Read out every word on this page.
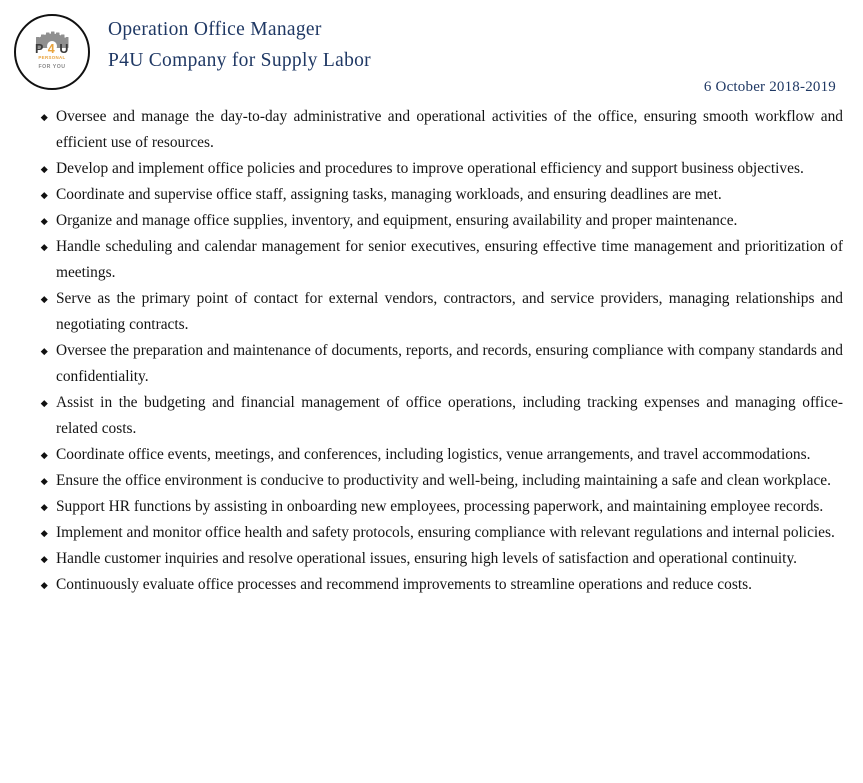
P 4 U
PERSONAL
FOR YOU
Operation Office Manager
P4U Company for Supply Labor
6 October 2018-2019
Oversee and manage the day-to-day administrative and operational activities of the office, ensuring smooth workflow and efficient use of resources.
Develop and implement office policies and procedures to improve operational efficiency and support business objectives.
Coordinate and supervise office staff, assigning tasks, managing workloads, and ensuring deadlines are met.
Organize and manage office supplies, inventory, and equipment, ensuring availability and proper maintenance.
Handle scheduling and calendar management for senior executives, ensuring effective time management and prioritization of meetings.
Serve as the primary point of contact for external vendors, contractors, and service providers, managing relationships and negotiating contracts.
Oversee the preparation and maintenance of documents, reports, and records, ensuring compliance with company standards and confidentiality.
Assist in the budgeting and financial management of office operations, including tracking expenses and managing office-related costs.
Coordinate office events, meetings, and conferences, including logistics, venue arrangements, and travel accommodations.
Ensure the office environment is conducive to productivity and well-being, including maintaining a safe and clean workplace.
Support HR functions by assisting in onboarding new employees, processing paperwork, and maintaining employee records.
Implement and monitor office health and safety protocols, ensuring compliance with relevant regulations and internal policies.
Handle customer inquiries and resolve operational issues, ensuring high levels of satisfaction and operational continuity.
Continuously evaluate office processes and recommend improvements to streamline operations and reduce costs.
